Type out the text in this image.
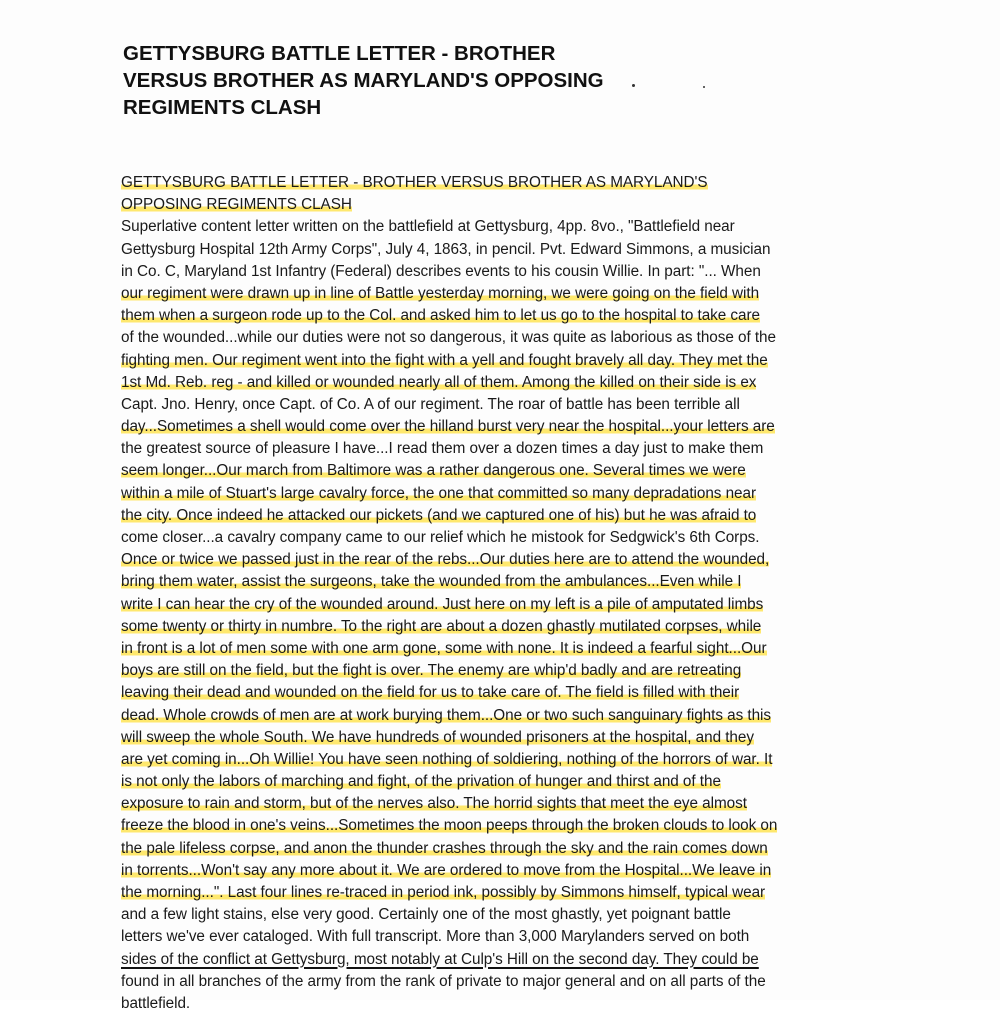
GETTYSBURG BATTLE LETTER - BROTHER
VERSUS BROTHER AS MARYLAND'S OPPOSING
REGIMENTS CLASH
GETTYSBURG BATTLE LETTER - BROTHER VERSUS BROTHER AS MARYLAND'S
OPPOSING REGIMENTS CLASH
Superlative content letter written on the battlefield at Gettysburg, 4pp. 8vo., "Battlefield near
Gettysburg Hospital 12th Army Corps", July 4, 1863, in pencil. Pvt. Edward Simmons, a musician
in Co. C, Maryland 1st Infantry (Federal) describes events to his cousin Willie. In part: "... When
our regiment were drawn up in line of Battle yesterday morning, we were going on the field with
them when a surgeon rode up to the Col. and asked him to let us go to the hospital to take care
of the wounded...while our duties were not so dangerous, it was quite as laborious as those of the
fighting men. Our regiment went into the fight with a yell and fought bravely all day. They met the
1st Md. Reb. reg - and killed or wounded nearly all of them. Among the killed on their side is ex
Capt. Jno. Henry, once Capt. of Co. A of our regiment. The roar of battle has been terrible all
day...Sometimes a shell would come over the hilland burst very near the hospital...your letters are
the greatest source of pleasure I have...I read them over a dozen times a day just to make them
seem longer...Our march from Baltimore was a rather dangerous one. Several times we were
within a mile of Stuart's large cavalry force, the one that committed so many depradations near
the city. Once indeed he attacked our pickets (and we captured one of his) but he was afraid to
come closer...a cavalry company came to our relief which he mistook for Sedgwick's 6th Corps.
Once or twice we passed just in the rear of the rebs...Our duties here are to attend the wounded,
bring them water, assist the surgeons, take the wounded from the ambulances...Even while I
write I can hear the cry of the wounded around. Just here on my left is a pile of amputated limbs
some twenty or thirty in numbre. To the right are about a dozen ghastly mutilated corpses, while
in front is a lot of men some with one arm gone, some with none. It is indeed a fearful sight...Our
boys are still on the field, but the fight is over. The enemy are whip'd badly and are retreating
leaving their dead and wounded on the field for us to take care of. The field is filled with their
dead. Whole crowds of men are at work burying them...One or two such sanguinary fights as this
will sweep the whole South. We have hundreds of wounded prisoners at the hospital, and they
are yet coming in...Oh Willie! You have seen nothing of soldiering, nothing of the horrors of war. It
is not only the labors of marching and fight, of the privation of hunger and thirst and of the
exposure to rain and storm, but of the nerves also. The horrid sights that meet the eye almost
freeze the blood in one's veins...Sometimes the moon peeps through the broken clouds to look on
the pale lifeless corpse, and anon the thunder crashes through the sky and the rain comes down
in torrents...Won't say any more about it. We are ordered to move from the Hospital...We leave in
the morning...". Last four lines re-traced in period ink, possibly by Simmons himself, typical wear
and a few light stains, else very good. Certainly one of the most ghastly, yet poignant battle
letters we've ever cataloged. With full transcript. More than 3,000 Marylanders served on both
sides of the conflict at Gettysburg, most notably at Culp's Hill on the second day. They could be
found in all branches of the army from the rank of private to major general and on all parts of the
battlefield.
